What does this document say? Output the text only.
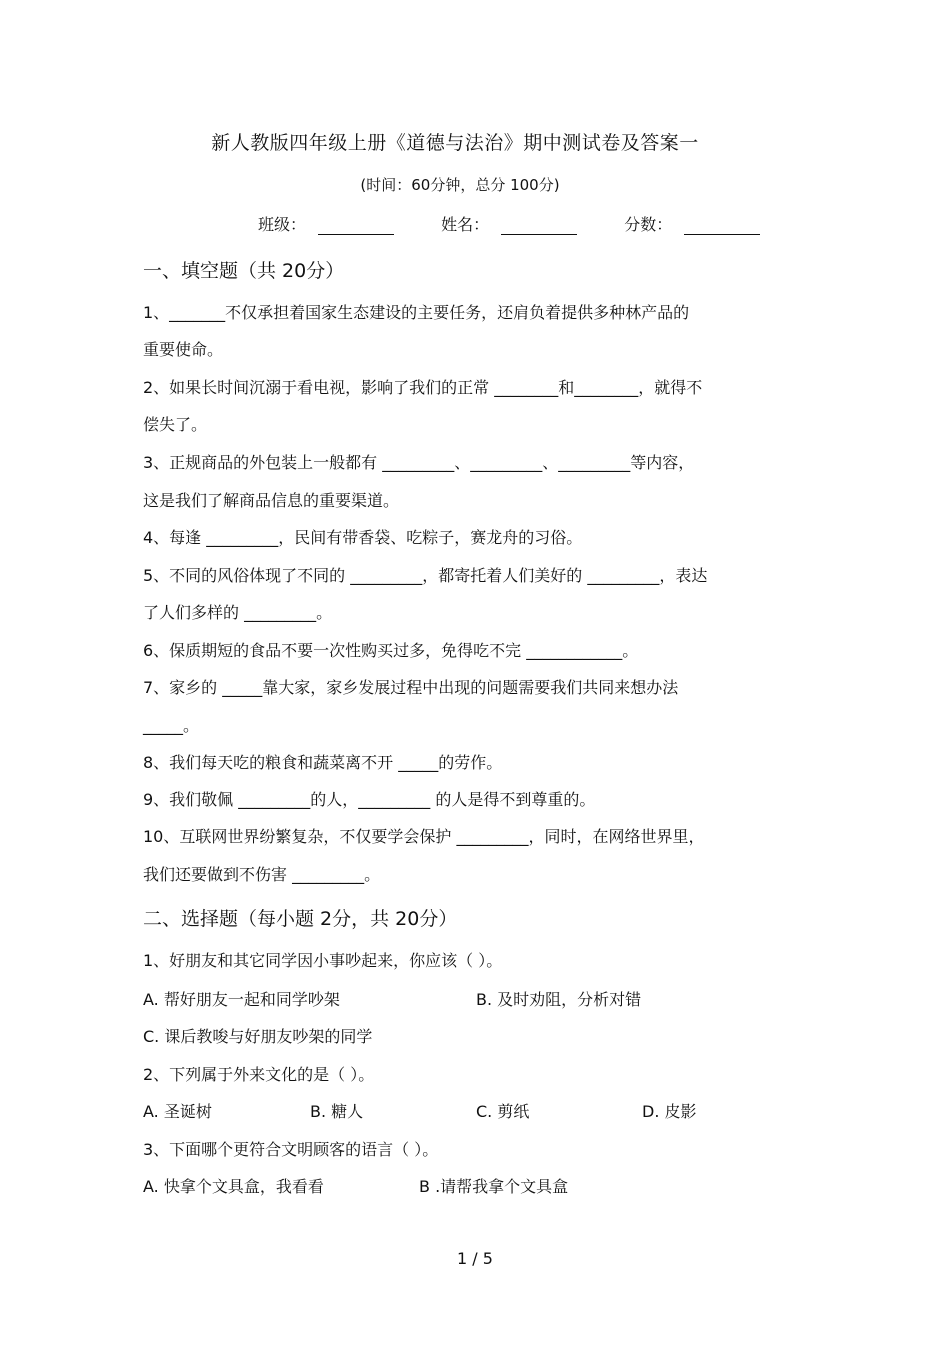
新人教版四年级上册《道德与法治》期中测试卷及答案一
(时间：60分钟，总分 100分)
班级：	姓名：	分数：
一、填空题（共 20分）
1、_______不仅承担着国家生态建设的主要任务，还肩负着提供多种林产品的
重要使命。
2、如果长时间沉溺于看电视，影响了我们的正常 ________和________，就得不
偿失了。
3、正规商品的外包装上一般都有 _________、_________、_________等内容，
这是我们了解商品信息的重要渠道。
4、每逢 _________，民间有带香袋、吃粽子，赛龙舟的习俗。
5、不同的风俗体现了不同的 _________，都寄托着人们美好的 _________，表达
了人们多样的 _________。
6、保质期短的食品不要一次性购买过多，免得吃不完 ____________。
7、家乡的 _____靠大家，家乡发展过程中出现的问题需要我们共同来想办法
_____。
8、我们每天吃的粮食和蔬菜离不开 _____的劳作。
9、我们敬佩 _________的人，_________ 的人是得不到尊重的。
10、互联网世界纷繁复杂，不仅要学会保护 _________，同时，在网络世界里，
我们还要做到不伤害 _________。
二、选择题（每小题 2分，共 20分）
1、好朋友和其它同学因小事吵起来，你应该（ ）。
A. 帮好朋友一起和同学吵架	B. 及时劝阻，分析对错
C. 课后教唆与好朋友吵架的同学
2、下列属于外来文化的是（ ）。
A. 圣诞树	B. 糖人	C. 剪纸	D. 皮影
3、下面哪个更符合文明顾客的语言（ ）。
A. 快拿个文具盒，我看看	B .请帮我拿个文具盒
1 / 5
